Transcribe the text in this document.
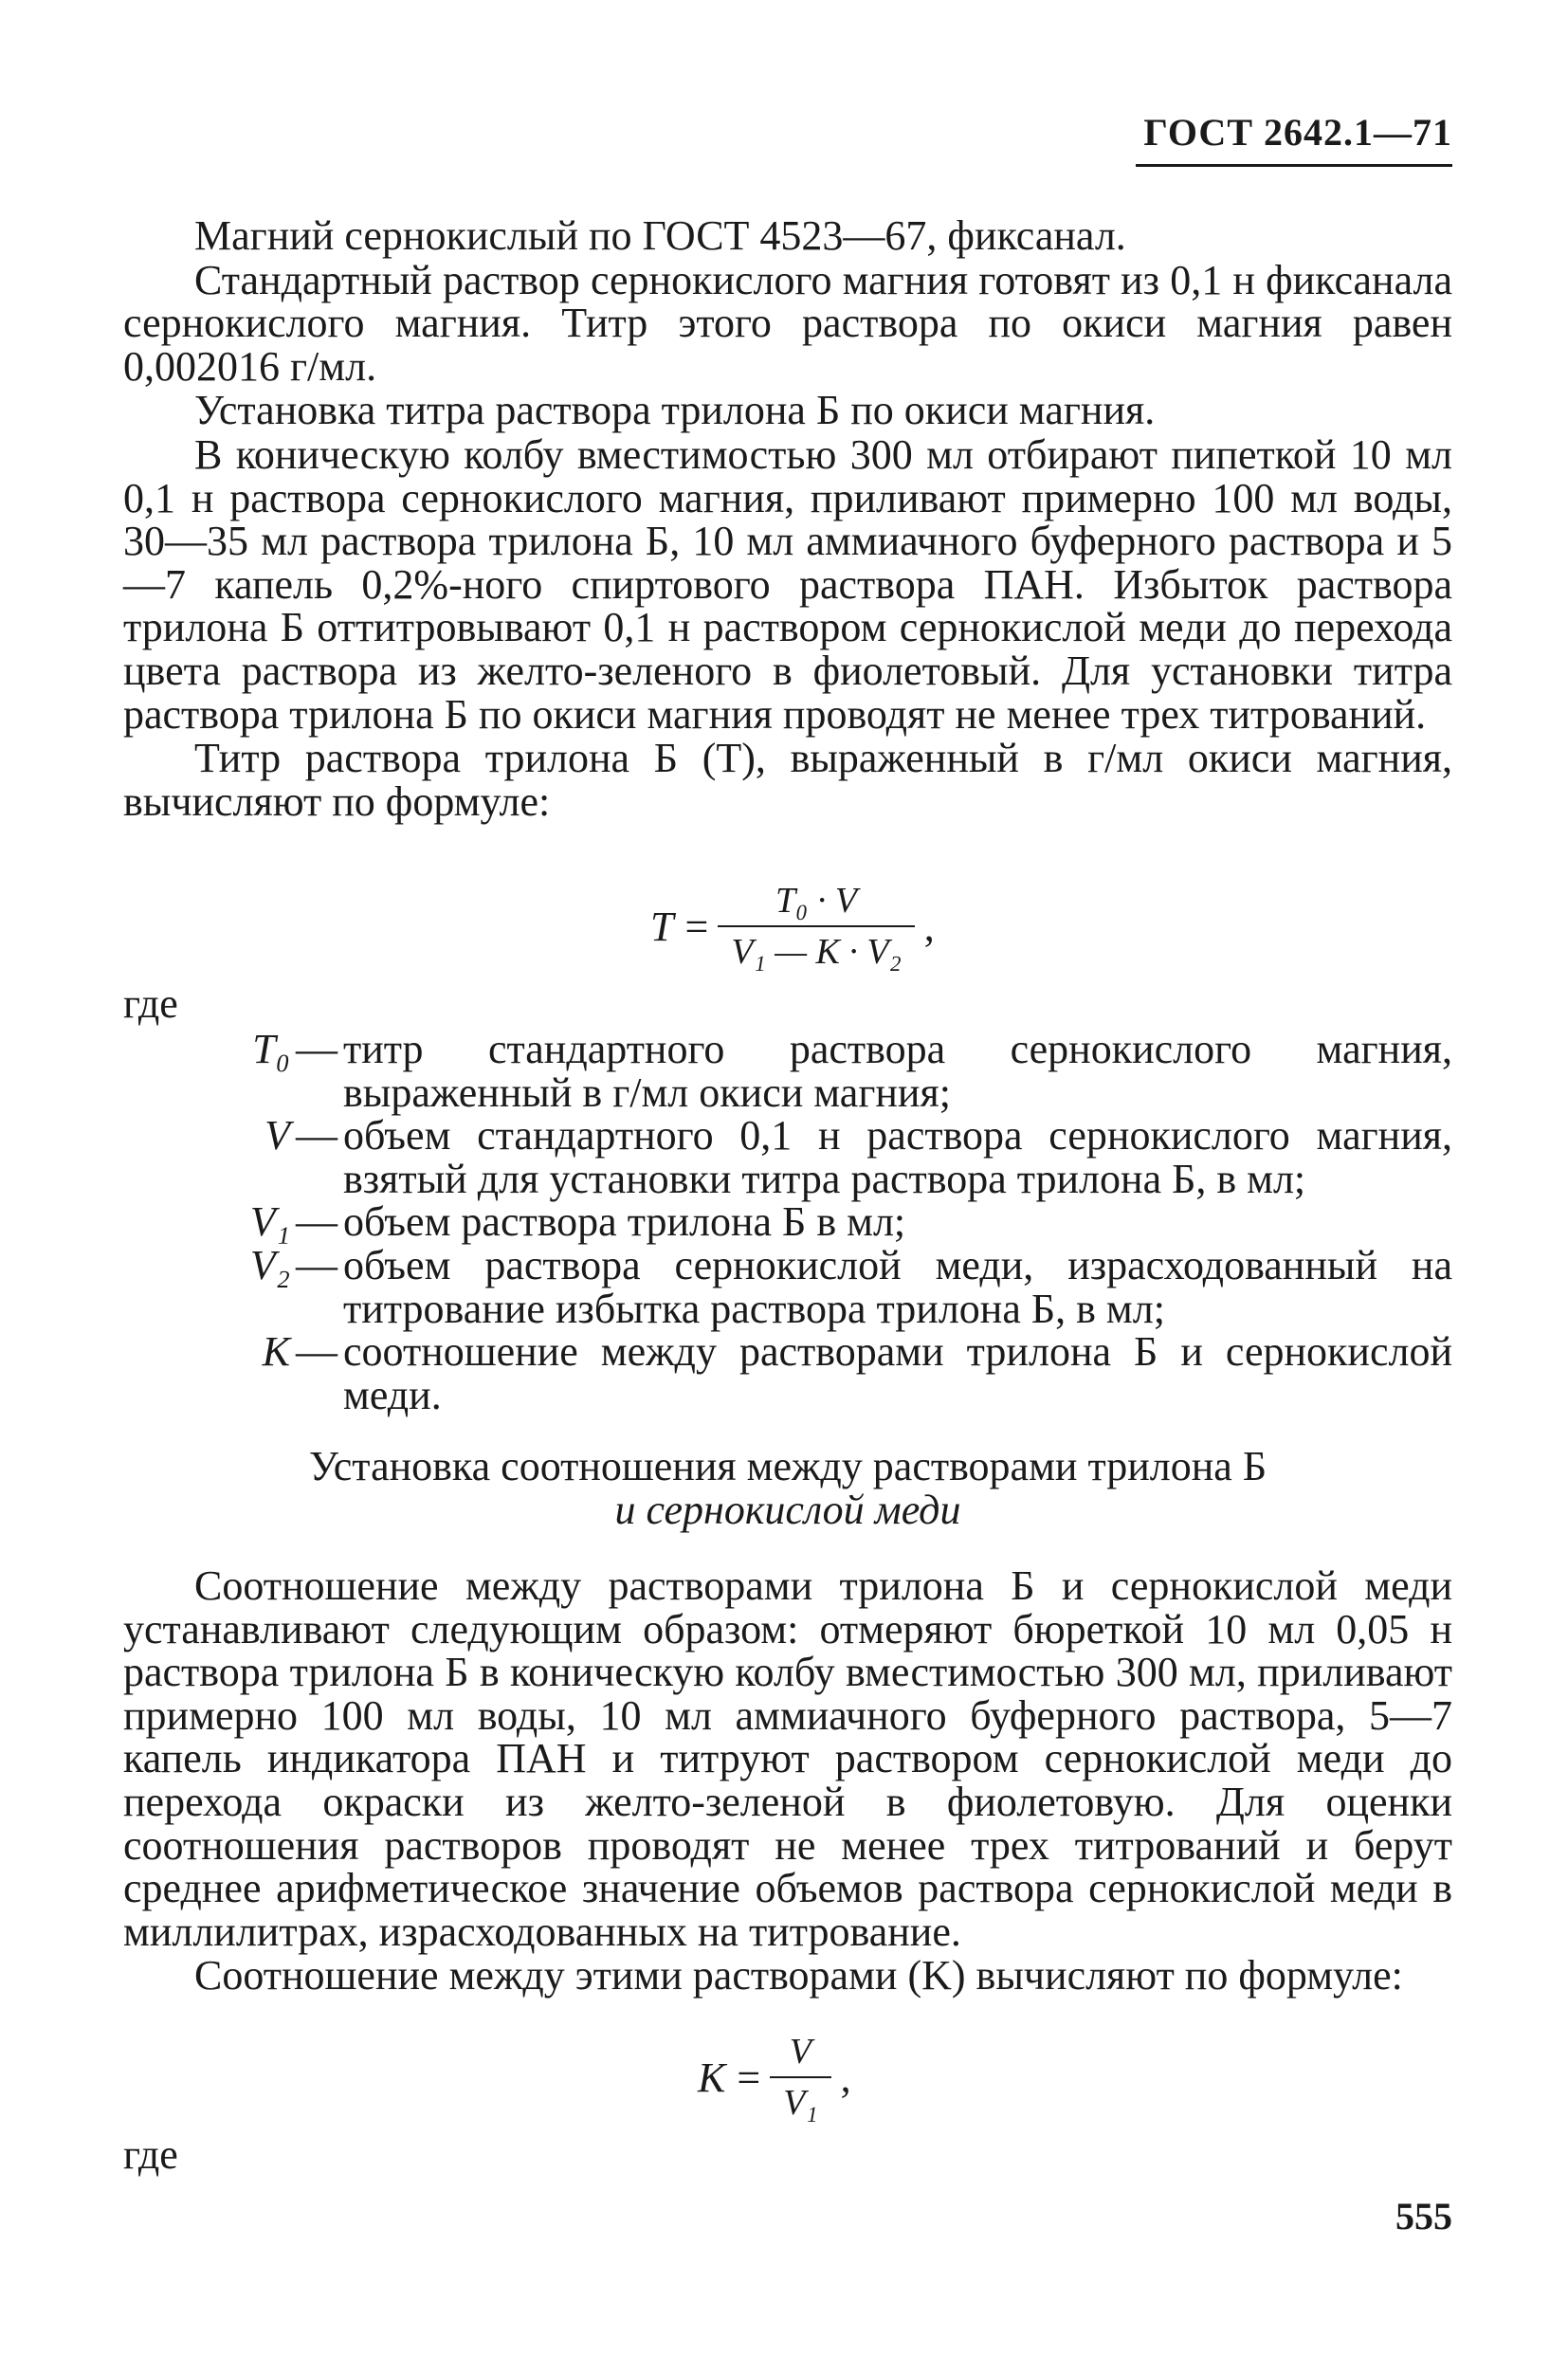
ГОСТ 2642.1—71

Магний сернокислый по ГОСТ 4523—67, фиксанал.

Стандартный раствор сернокислого магния готовят из 0,1 н фиксанала сернокислого магния. Титр этого раствора по окиси магния равен 0,002016 г/мл.

Установка титра раствора трилона Б по окиси магния.

В коническую колбу вместимостью 300 мл отбирают пипеткой 10 мл 0,1 н раствора сернокислого магния, приливают примерно 100 мл воды, 30—35 мл раствора трилона Б, 10 мл аммиачного буферного раствора и 5—7 капель 0,2%-ного спиртового раствора ПАН. Избыток раствора трилона Б оттитровывают 0,1 н раствором сернокислой меди до перехода цвета раствора из желто-зеленого в фиолетовый. Для установки титра раствора трилона Б по окиси магния проводят не менее трех титрований.

Титр раствора трилона Б (T), выраженный в г/мл окиси магния, вычисляют по формуле:

$T = \frac{\text{T₀ · V}}{\text{V₁ — K · V₂}}$ ,

где

T₀ — титр стандартного раствора сернокислого магния, выраженный в г/мл окиси магния;
V — объем стандартного 0,1 н раствора сернокислого магния, взятый для установки титра раствора трилона Б, в мл;
V₁ — объем раствора трилона Б в мл;
V₂ — объем раствора сернокислой меди, израсходованный на титрование избытка раствора трилона Б, в мл;
K — соотношение между растворами трилона Б и сернокислой меди.
Установка соотношения между растворами трилона Б
и сернокислой меди

Соотношение между растворами трилона Б и сернокислой меди устанавливают следующим образом: отмеряют бюреткой 10 мл 0,05 н раствора трилона Б в коническую колбу вместимостью 300 мл, приливают примерно 100 мл воды, 10 мл аммиачного буферного раствора, 5—7 капель индикатора ПАН и титруют раствором сернокислой меди до перехода окраски из желто-зеленой в фиолетовую. Для оценки соотношения растворов проводят не менее трех титрований и берут среднее арифметическое значение объемов раствора сернокислой меди в миллилитрах, израсходованных на титрование.

Соотношение между этими растворами (K) вычисляют по формуле:

$K = \frac{V}{\text{V₁}}$ ,

где

555
